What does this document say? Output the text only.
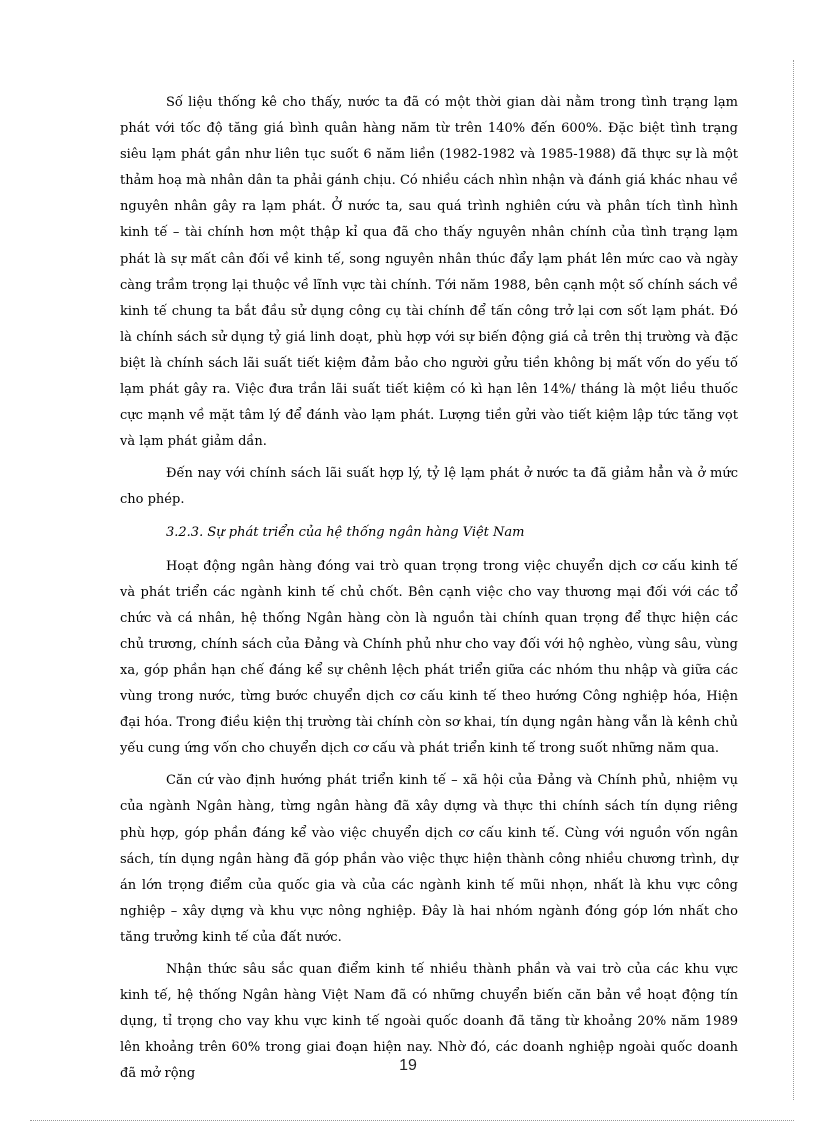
Số liệu thống kê cho thấy, nước ta đã có một thời gian dài nằm trong tình trạng lạm phát với tốc độ tăng giá bình quân hàng năm từ trên 140% đến 600%. Đặc biệt tình trạng siêu lạm phát gần như liên tục suốt 6 năm liền (1982-1982 và 1985-1988) đã thực sự là một thảm hoạ mà nhân dân ta phải gánh chịu. Có nhiều cách nhìn nhận và đánh giá khác nhau về nguyên nhân gây ra lạm phát. Ở nước ta, sau quá trình nghiên cứu và phân tích tình hình kinh tế – tài chính hơn một thập kỉ qua đã cho thấy nguyên nhân chính của tình trạng lạm phát là sự mất cân đối về kinh tế, song nguyên nhân thúc đẩy lạm phát lên mức cao và ngày càng trầm trọng lại thuộc về lĩnh vực tài chính. Tới năm 1988, bên cạnh một số chính sách về kinh tế chung ta bắt đầu sử dụng công cụ tài chính để tấn công trở lại cơn sốt lạm phát. Đó là chính sách sử dụng tỷ giá linh doạt, phù hợp với sự biến động giá cả trên thị trường và đặc biệt là chính sách lãi suất tiết kiệm đảm bảo cho người gửu tiền không bị mất vốn do yếu tố lạm phát gây ra. Việc đưa trần lãi suất tiết kiệm có kì hạn lên 14%/ tháng là một liều thuốc cực mạnh về mặt tâm lý để đánh vào lạm phát. Lượng tiền gửi vào tiết kiệm lập tức tăng vọt và lạm phát giảm dần.

Đến nay với chính sách lãi suất hợp lý, tỷ lệ lạm phát ở nước ta đã giảm hẳn và ở mức cho phép.

3.2.3. Sự phát triển của hệ thống ngân hàng Việt Nam

Hoạt động ngân hàng đóng vai trò quan trọng trong việc chuyển dịch cơ cấu kinh tế và phát triển các ngành kinh tế chủ chốt. Bên cạnh việc cho vay thương mại đối với các tổ chức và cá nhân, hệ thống Ngân hàng còn là nguồn tài chính quan trọng để thực hiện các chủ trương, chính sách của Đảng và Chính phủ như cho vay đối với hộ nghèo, vùng sâu, vùng xa, góp phần hạn chế đáng kể sự chênh lệch phát triển giữa các nhóm thu nhập và giữa các vùng trong nước, từng bước chuyển dịch cơ cấu kinh tế theo hướng Công nghiệp hóa, Hiện đại hóa. Trong điều kiện thị trường tài chính còn sơ khai, tín dụng ngân hàng vẫn là kênh chủ yếu cung ứng vốn cho chuyển dịch cơ cấu và phát triển kinh tế trong suốt những năm qua.

Căn cứ vào định hướng phát triển kinh tế – xã hội của Đảng và Chính phủ, nhiệm vụ của ngành Ngân hàng, từng ngân hàng đã xây dựng và thực thi chính sách tín dụng riêng phù hợp, góp phần đáng kể vào việc chuyển dịch cơ cấu kinh tế. Cùng với nguồn vốn ngân sách, tín dụng ngân hàng đã góp phần vào việc thực hiện thành công nhiều chương trình, dự án lớn trọng điểm của quốc gia và của các ngành kinh tế mũi nhọn, nhất là khu vực công nghiệp – xây dựng và khu vực nông nghiệp. Đây là hai nhóm ngành đóng góp lớn nhất cho tăng trưởng kinh tế của đất nước.

Nhận thức sâu sắc quan điểm kinh tế nhiều thành phần và vai trò của các khu vực kinh tế, hệ thống Ngân hàng Việt Nam đã có những chuyển biến căn bản về hoạt động tín dụng, tỉ trọng cho vay khu vực kinh tế ngoài quốc doanh đã tăng từ khoảng 20% năm 1989 lên khoảng trên 60% trong giai đoạn hiện nay. Nhờ đó, các doanh nghiệp ngoài quốc doanh đã mở rộng	19
